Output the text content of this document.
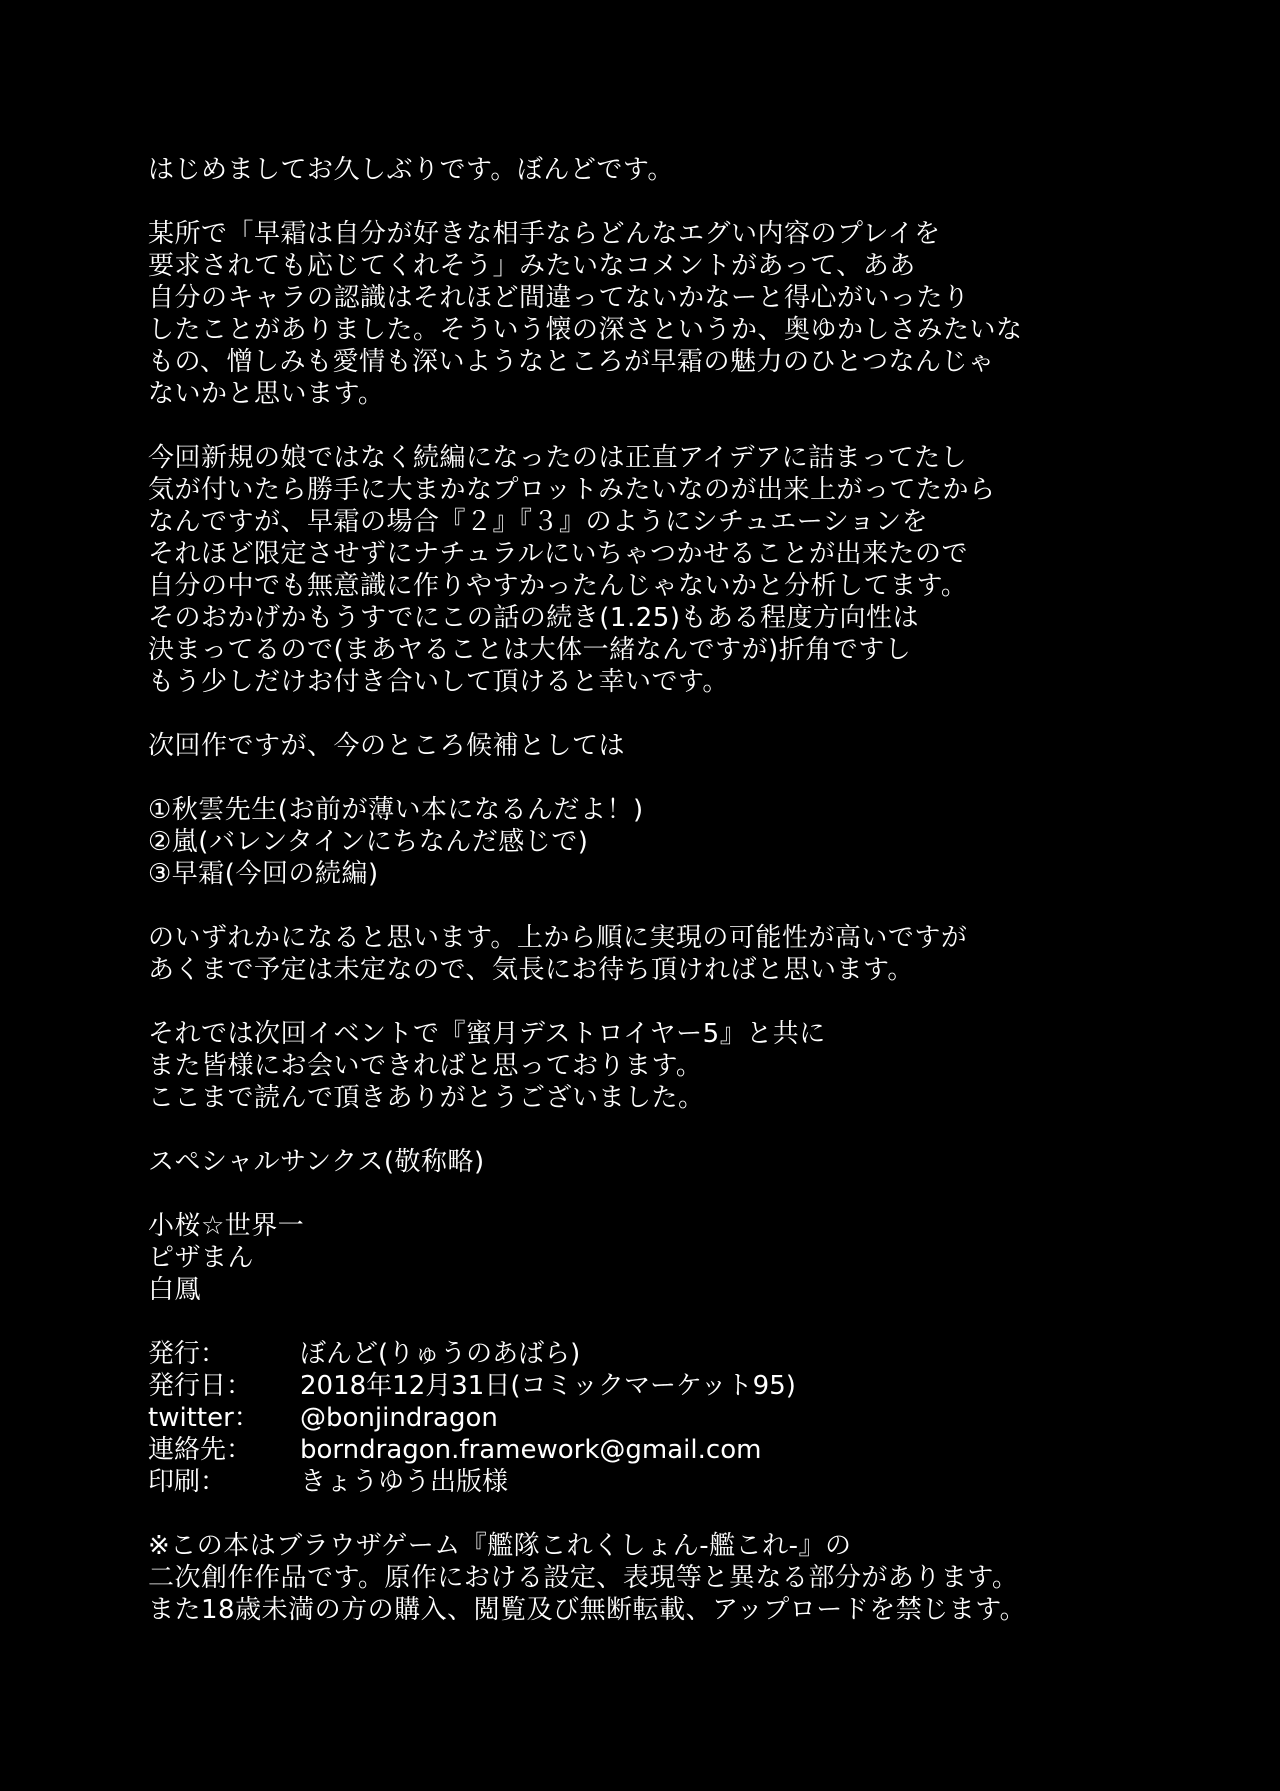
はじめましてお久しぶりです。ぼんどです。
某所で「早霜は自分が好きな相手ならどんなエグい内容のプレイを
要求されても応じてくれそう」みたいなコメントがあって、ああ
自分のキャラの認識はそれほど間違ってないかなーと得心がいったり
したことがありました。そういう懐の深さというか、奥ゆかしさみたいな
もの、憎しみも愛情も深いようなところが早霜の魅力のひとつなんじゃ
ないかと思います。
今回新規の娘ではなく続編になったのは正直アイデアに詰まってたし
気が付いたら勝手に大まかなプロットみたいなのが出来上がってたから
なんですが、早霜の場合『２』『３』のようにシチュエーションを
それほど限定させずにナチュラルにいちゃつかせることが出来たので
自分の中でも無意識に作りやすかったんじゃないかと分析してます。
そのおかげかもうすでにこの話の続き(1.25)もある程度方向性は
決まってるので(まあヤることは大体一緒なんですが)折角ですし
もう少しだけお付き合いして頂けると幸いです。
次回作ですが、今のところ候補としては
①秋雲先生(お前が薄い本になるんだよ！)
②嵐(バレンタインにちなんだ感じで)
③早霜(今回の続編)
のいずれかになると思います。上から順に実現の可能性が高いですが
あくまで予定は未定なので、気長にお待ち頂ければと思います。
それでは次回イベントで『蜜月デストロイヤー5』と共に
また皆様にお会いできればと思っております。
ここまで読んで頂きありがとうございました。
スペシャルサンクス(敬称略)
小桜☆世界一
ピザまん
白鳳
発行：	ぼんど(りゅうのあばら)
発行日：	2018年12月31日(コミックマーケット95)
twitter：	@bonjindragon
連絡先：	borndragon.framework@gmail.com
印刷：	きょうゆう出版様
※この本はブラウザゲーム『艦隊これくしょん-艦これ-』の
二次創作作品です。原作における設定、表現等と異なる部分があります。
また18歳未満の方の購入、閲覧及び無断転載、アップロードを禁じます。
